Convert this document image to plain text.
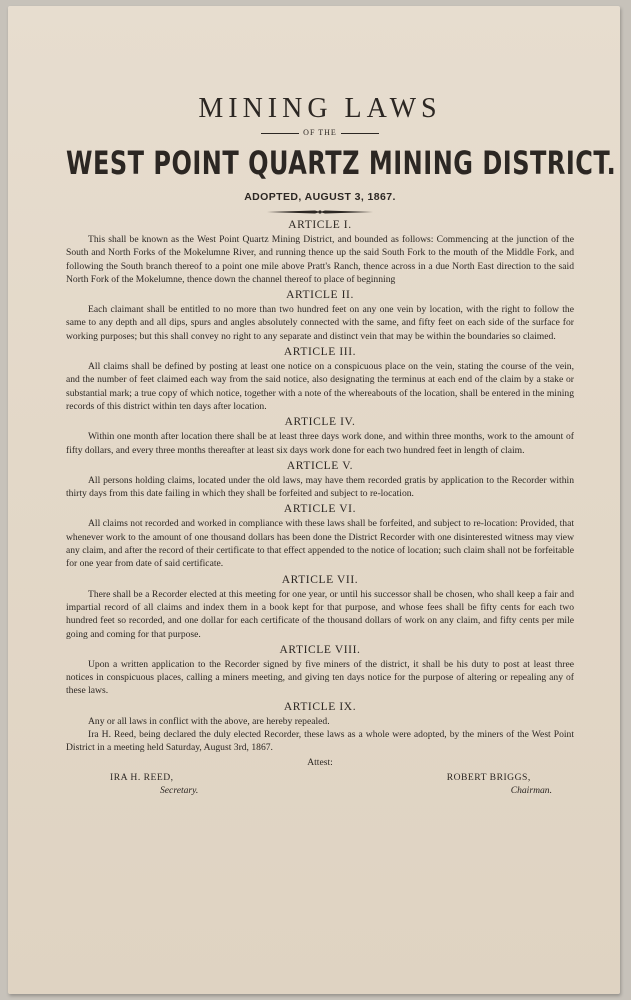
MINING LAWS
OF THE
WEST POINT QUARTZ MINING DISTRICT.
ADOPTED, AUGUST 3, 1867.
ARTICLE I.

This shall be known as the West Point Quartz Mining District, and bounded as follows: Commencing at the junction of the South and North Forks of the Mokelumne River, and running thence up the said South Fork to the mouth of the Middle Fork, and following the South branch thereof to a point one mile above Pratt's Ranch, thence across in a due North East direction to the said North Fork of the Mokelumne, thence down the channel thereof to place of beginning

ARTICLE II.

Each claimant shall be entitled to no more than two hundred feet on any one vein by location, with the right to follow the same to any depth and all dips, spurs and angles absolutely connected with the same, and fifty feet on each side of the surface for working purposes; but this shall convey no right to any separate and distinct vein that may be within the boundaries so claimed.

ARTICLE III.

All claims shall be defined by posting at least one notice on a conspicuous place on the vein, stating the course of the vein, and the number of feet claimed each way from the said notice, also designating the terminus at each end of the claim by a stake or substantial mark; a true copy of which notice, together with a note of the whereabouts of the location, shall be entered in the mining records of this district within ten days after location.

ARTICLE IV.

Within one month after location there shall be at least three days work done, and within three months, work to the amount of fifty dollars, and every three months thereafter at least six days work done for each two hundred feet in length of claim.

ARTICLE V.

All persons holding claims, located under the old laws, may have them recorded gratis by application to the Recorder within thirty days from this date failing in which they shall be forfeited and subject to re-location.

ARTICLE VI.

All claims not recorded and worked in compliance with these laws shall be forfeited, and subject to re-location: Provided, that whenever work to the amount of one thousand dollars has been done the District Recorder with one disinterested witness may view any claim, and after the record of their certificate to that effect appended to the notice of location; such claim shall not be forfeitable for one year from date of said certificate.

ARTICLE VII.

There shall be a Recorder elected at this meeting for one year, or until his successor shall be chosen, who shall keep a fair and impartial record of all claims and index them in a book kept for that purpose, and whose fees shall be fifty cents for each two hundred feet so recorded, and one dollar for each certificate of the thousand dollars of work on any claim, and fifty cents per mile going and coming for that purpose.

ARTICLE VIII.

Upon a written application to the Recorder signed by five miners of the district, it shall be his duty to post at least three notices in conspicuous places, calling a miners meeting, and giving ten days notice for the purpose of altering or repealing any of these laws.

ARTICLE IX.

Any or all laws in conflict with the above, are hereby repealed.

Ira H. Reed, being declared the duly elected Recorder, these laws as a whole were adopted, by the miners of the West Point District in a meeting held Saturday, August 3rd, 1867.

Attest:
IRA H. REED,
Secretary.
ROBERT BRIGGS,
Chairman.
